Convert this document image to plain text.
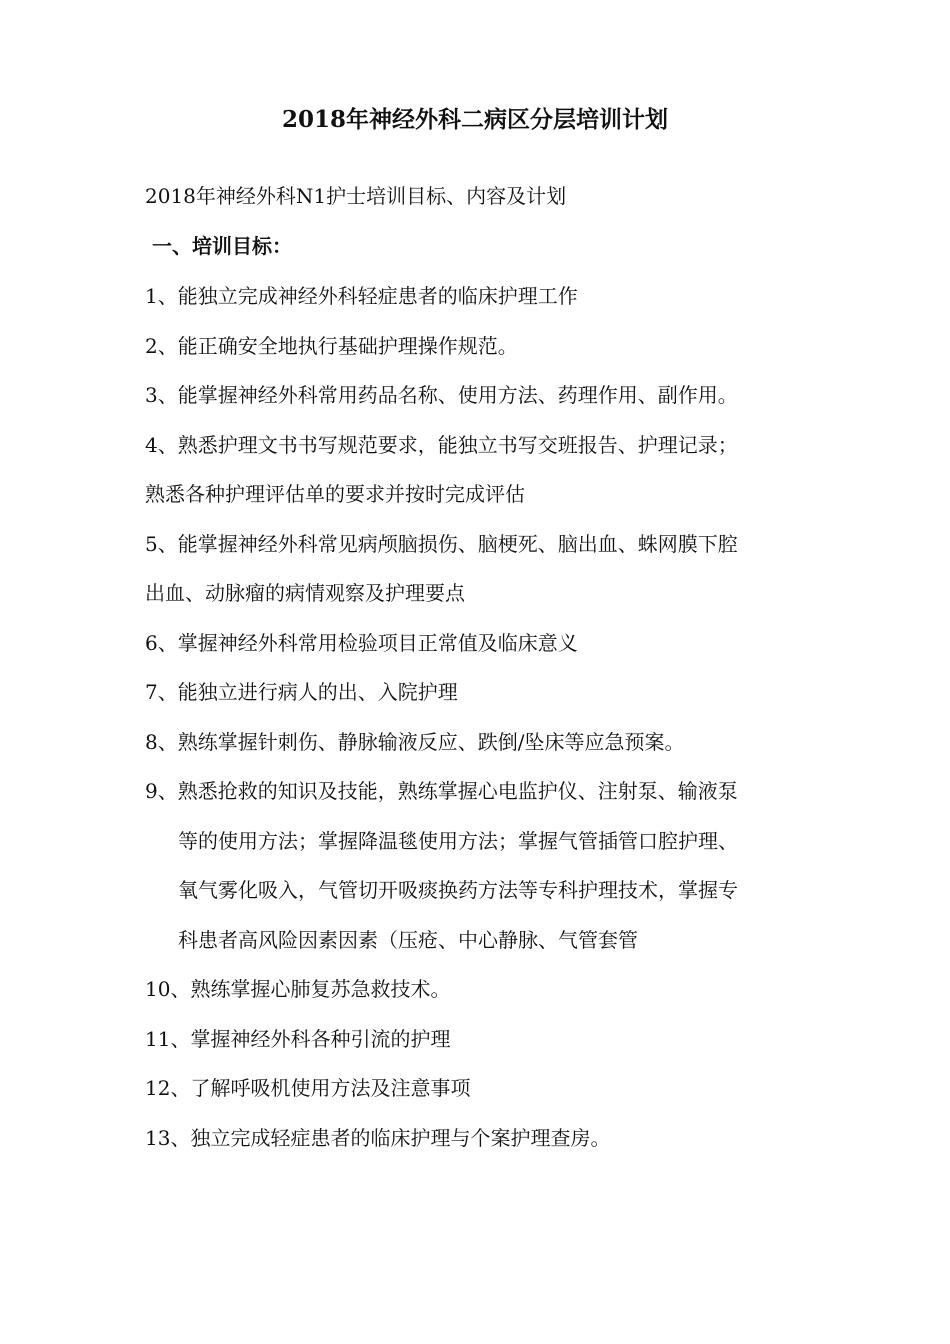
2018年神经外科二病区分层培训计划
2018年神经外科N1护士培训目标、内容及计划
一、培训目标：
1、能独立完成神经外科轻症患者的临床护理工作
2、能正确安全地执行基础护理操作规范。
3、能掌握神经外科常用药品名称、使用方法、药理作用、副作用。
4、熟悉护理文书书写规范要求，能独立书写交班报告、护理记录；
熟悉各种护理评估单的要求并按时完成评估
5、能掌握神经外科常见病颅脑损伤、脑梗死、脑出血、蛛网膜下腔
出血、动脉瘤的病情观察及护理要点
6、掌握神经外科常用检验项目正常值及临床意义
7、能独立进行病人的出、入院护理
8、熟练掌握针刺伤、静脉输液反应、跌倒/坠床等应急预案。
9、熟悉抢救的知识及技能，熟练掌握心电监护仪、注射泵、输液泵
等的使用方法；掌握降温毯使用方法；掌握气管插管口腔护理、
氧气雾化吸入，气管切开吸痰换药方法等专科护理技术，掌握专
科患者高风险因素因素（压疮、中心静脉、气管套管
10、熟练掌握心肺复苏急救技术。
11、掌握神经外科各种引流的护理
12、了解呼吸机使用方法及注意事项
13、独立完成轻症患者的临床护理与个案护理查房。
